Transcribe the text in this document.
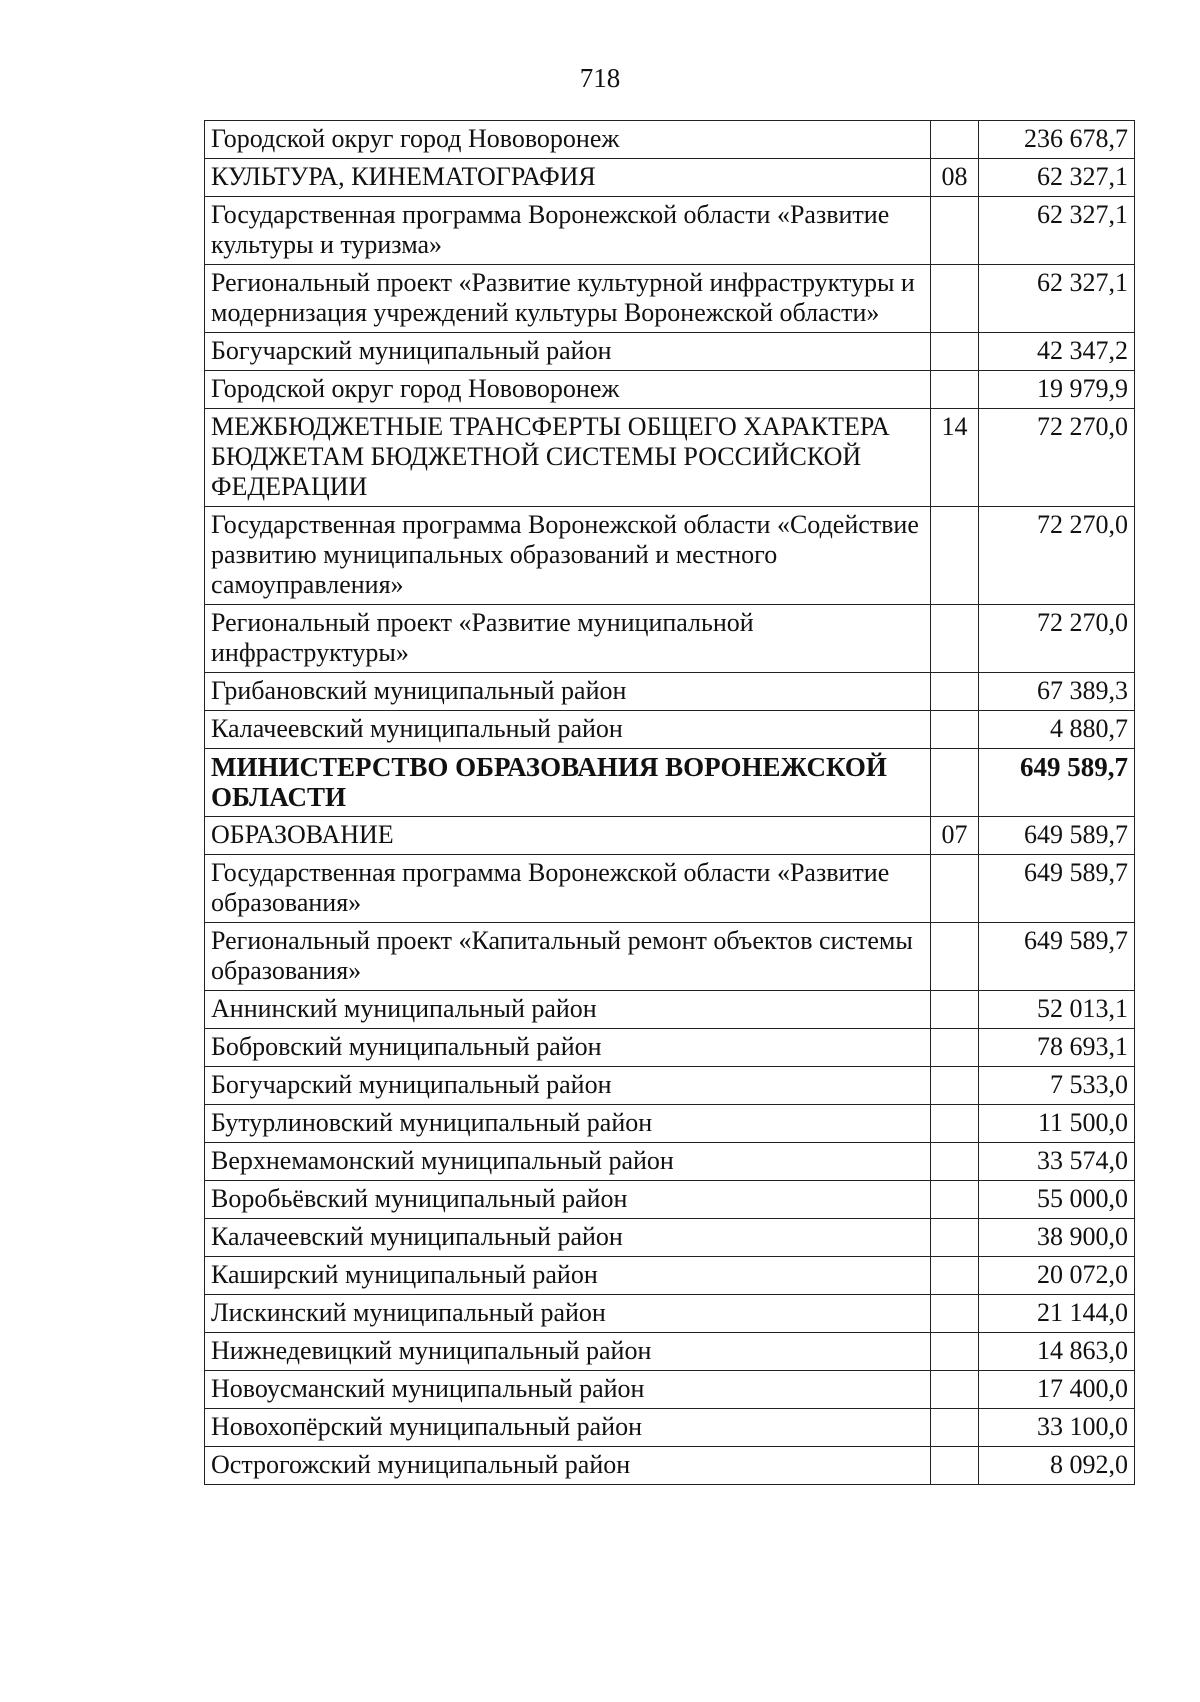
718
Городской округ город Нововоронеж		236 678,7
КУЛЬТУРА, КИНЕМАТОГРАФИЯ	08	62 327,1
Государственная программа Воронежской области «Развитие культуры и туризма»		62 327,1
Региональный проект «Развитие культурной инфраструктуры и модернизация учреждений культуры Воронежской области»		62 327,1
Богучарский муниципальный район		42 347,2
Городской округ город Нововоронеж		19 979,9
МЕЖБЮДЖЕТНЫЕ ТРАНСФЕРТЫ ОБЩЕГО ХАРАКТЕРА БЮДЖЕТАМ БЮДЖЕТНОЙ СИСТЕМЫ РОССИЙСКОЙ ФЕДЕРАЦИИ	14	72 270,0
Государственная программа Воронежской области «Содействие развитию муниципальных образований и местного самоуправления»		72 270,0
Региональный проект «Развитие муниципальной инфраструктуры»		72 270,0
Грибановский муниципальный район		67 389,3
Калачеевский муниципальный район		4 880,7
МИНИСТЕРСТВО ОБРАЗОВАНИЯ ВОРОНЕЖСКОЙ ОБЛАСТИ		649 589,7
ОБРАЗОВАНИЕ	07	649 589,7
Государственная программа Воронежской области «Развитие образования»		649 589,7
Региональный проект «Капитальный ремонт объектов системы образования»		649 589,7
Аннинский муниципальный район		52 013,1
Бобровский муниципальный район		78 693,1
Богучарский муниципальный район		7 533,0
Бутурлиновский муниципальный район		11 500,0
Верхнемамонский муниципальный район		33 574,0
Воробьёвский муниципальный район		55 000,0
Калачеевский муниципальный район		38 900,0
Каширский муниципальный район		20 072,0
Лискинский муниципальный район		21 144,0
Нижнедевицкий муниципальный район		14 863,0
Новоусманский муниципальный район		17 400,0
Новохопёрский муниципальный район		33 100,0
Острогожский муниципальный район		8 092,0
